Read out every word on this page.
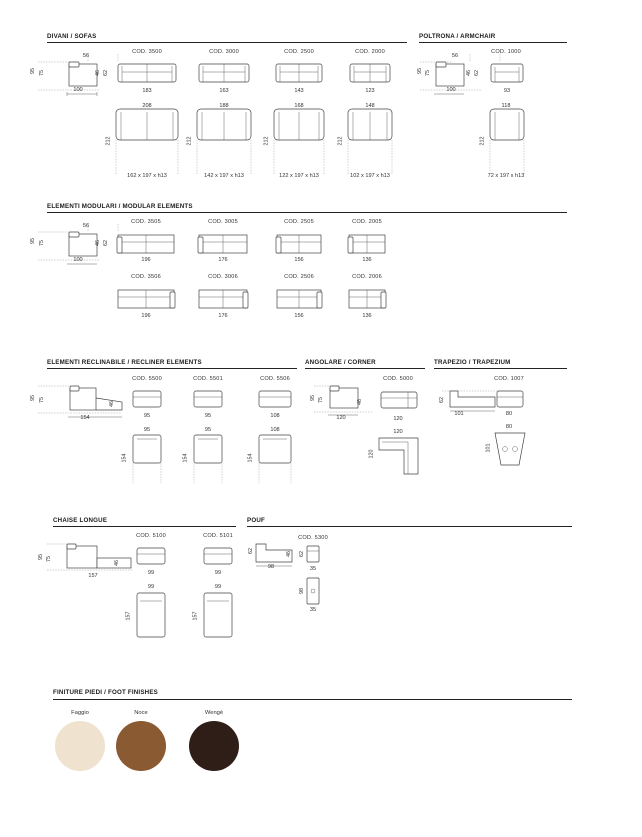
DIVANI / SOFAS	POLTRONA / ARMCHAIR
ELEMENTI MODULARI / MODULAR ELEMENTS
ELEMENTI RECLINABILE / RECLINER ELEMENTS	ANGOLARE / CORNER	TRAPEZIO / TRAPEZIUM
CHAISE LONGUE	POUF
FINITURE PIEDI / FOOT FINISHES
95 75
56
100
46 62	95 75
56
100
46 62
COD. 1000
93
118
212
72 x 197 x h13
95 75
56
100
46 62
95 75
154
46
95 75
120
46
COD. 5000
120
120
120
62
101
COD. 1007
80
80
101
95 75
157
46
62
98
46
COD. 5300
62
35
98
35
COD. 3500
183
208
212
162 x 197 x h13
COD. 3000
163
188
212
142 x 197 x h13
COD. 2500
143
168
212
122 x 197 x h13
COD. 2000
123
148
212
102 x 197 x h13
COD. 3505
196
COD. 3005
176
COD. 2505
156
COD. 2005
136
COD. 3506
196
COD. 3006
176
COD. 2506
156
COD. 2006
136
COD. 5500
95
95
154
COD. 5501
95
95
154
COD. 5506
108
108
154
COD. 5100
99
99
157
COD. 5101
99
99
157
Faggio	Noce	Wengè
